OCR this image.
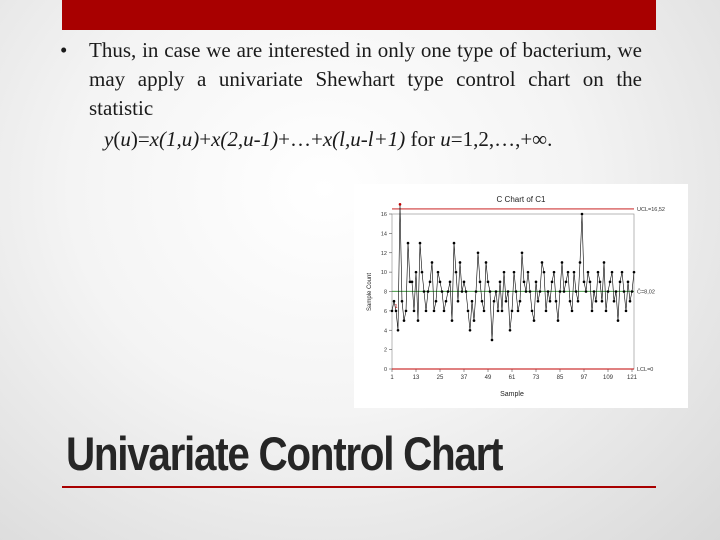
• Thus, in case we are interested in only one type of bacterium, we may apply a univariate Shewhart type control chart on the statistic
y(u)=x(1,u)+x(2,u-1)+…+x(l,u-l+1) for u=1,2,…,+∞.
C Chart of C1
Sample Count
Sample
0
2
4
6
8
10
12
14
16
1	13	25	37	49	61	73	85	97	109 121
UCL=16,52
C̄=8,02
LCL=0
1
Univariate Control Chart
